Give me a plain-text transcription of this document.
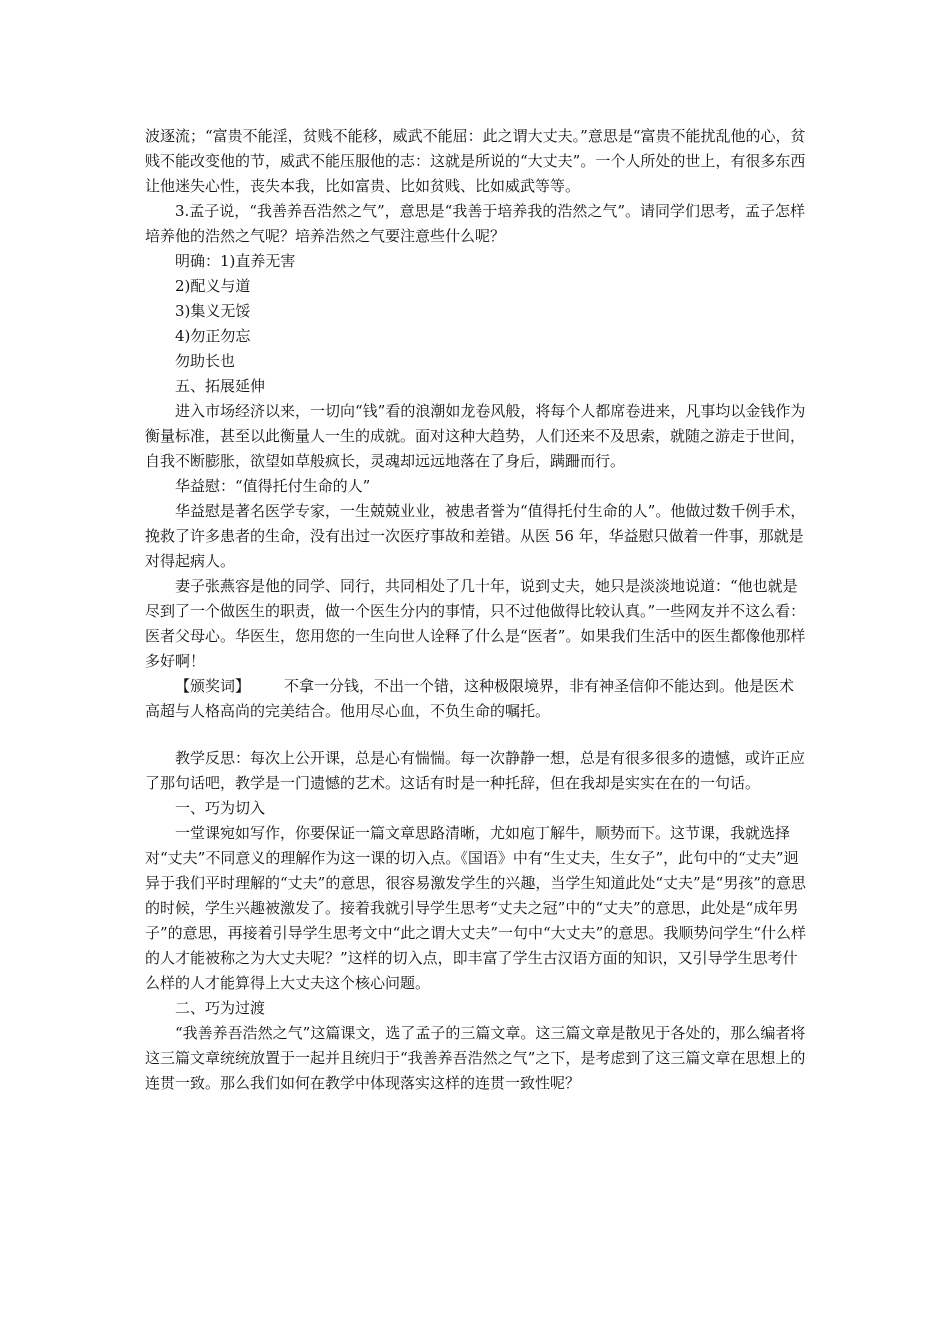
波逐流；“富贵不能淫，贫贱不能移，威武不能屈：此之谓大丈夫。”意思是“富贵不能扰乱他的心，贫贱不能改变他的节，威武不能压服他的志：这就是所说的“大丈夫”。一个人所处的世上，有很多东西让他迷失心性，丧失本我，比如富贵、比如贫贱、比如威武等等。

3.孟子说，“我善养吾浩然之气”，意思是“我善于培养我的浩然之气”。请同学们思考，孟子怎样培养他的浩然之气呢？培养浩然之气要注意些什么呢？

明确：1)直养无害

2)配义与道

3)集义无馁

4)勿正勿忘

勿助长也

五、拓展延伸

进入市场经济以来，一切向“钱”看的浪潮如龙卷风般，将每个人都席卷进来，凡事均以金钱作为衡量标准，甚至以此衡量人一生的成就。面对这种大趋势，人们还来不及思索，就随之游走于世间，自我不断膨胀，欲望如草般疯长，灵魂却远远地落在了身后，蹒跚而行。

华益慰：“值得托付生命的人”

华益慰是著名医学专家，一生兢兢业业，被患者誉为“值得托付生命的人”。他做过数千例手术，挽救了许多患者的生命，没有出过一次医疗事故和差错。从医 56 年，华益慰只做着一件事，那就是对得起病人。

妻子张燕容是他的同学、同行，共同相处了几十年，说到丈夫，她只是淡淡地说道：“他也就是尽到了一个做医生的职责，做一个医生分内的事情，只不过他做得比较认真。”一些网友并不这么看：医者父母心。华医生，您用您的一生向世人诠释了什么是“医者”。如果我们生活中的医生都像他那样多好啊！

【颁奖词】 不拿一分钱，不出一个错，这种极限境界，非有神圣信仰不能达到。他是医术高超与人格高尚的完美结合。他用尽心血，不负生命的嘱托。

教学反思：每次上公开课，总是心有惴惴。每一次静静一想，总是有很多很多的遗憾，或许正应了那句话吧，教学是一门遗憾的艺术。这话有时是一种托辞，但在我却是实实在在的一句话。

一、巧为切入

一堂课宛如写作，你要保证一篇文章思路清晰，尤如庖丁解牛，顺势而下。这节课，我就选择对“丈夫”不同意义的理解作为这一课的切入点。《国语》中有“生丈夫，生女子”，此句中的“丈夫”迥异于我们平时理解的“丈夫”的意思，很容易激发学生的兴趣，当学生知道此处“丈夫”是“男孩”的意思的时候，学生兴趣被激发了。接着我就引导学生思考“丈夫之冠”中的“丈夫”的意思，此处是“成年男子”的意思，再接着引导学生思考文中“此之谓大丈夫”一句中“大丈夫”的意思。我顺势问学生“什么样的人才能被称之为大丈夫呢？”这样的切入点，即丰富了学生古汉语方面的知识，又引导学生思考什么样的人才能算得上大丈夫这个核心问题。

二、巧为过渡

“我善养吾浩然之气”这篇课文，选了孟子的三篇文章。这三篇文章是散见于各处的，那么编者将这三篇文章统统放置于一起并且统归于“我善养吾浩然之气”之下，是考虑到了这三篇文章在思想上的连贯一致。那么我们如何在教学中体现落实这样的连贯一致性呢？
